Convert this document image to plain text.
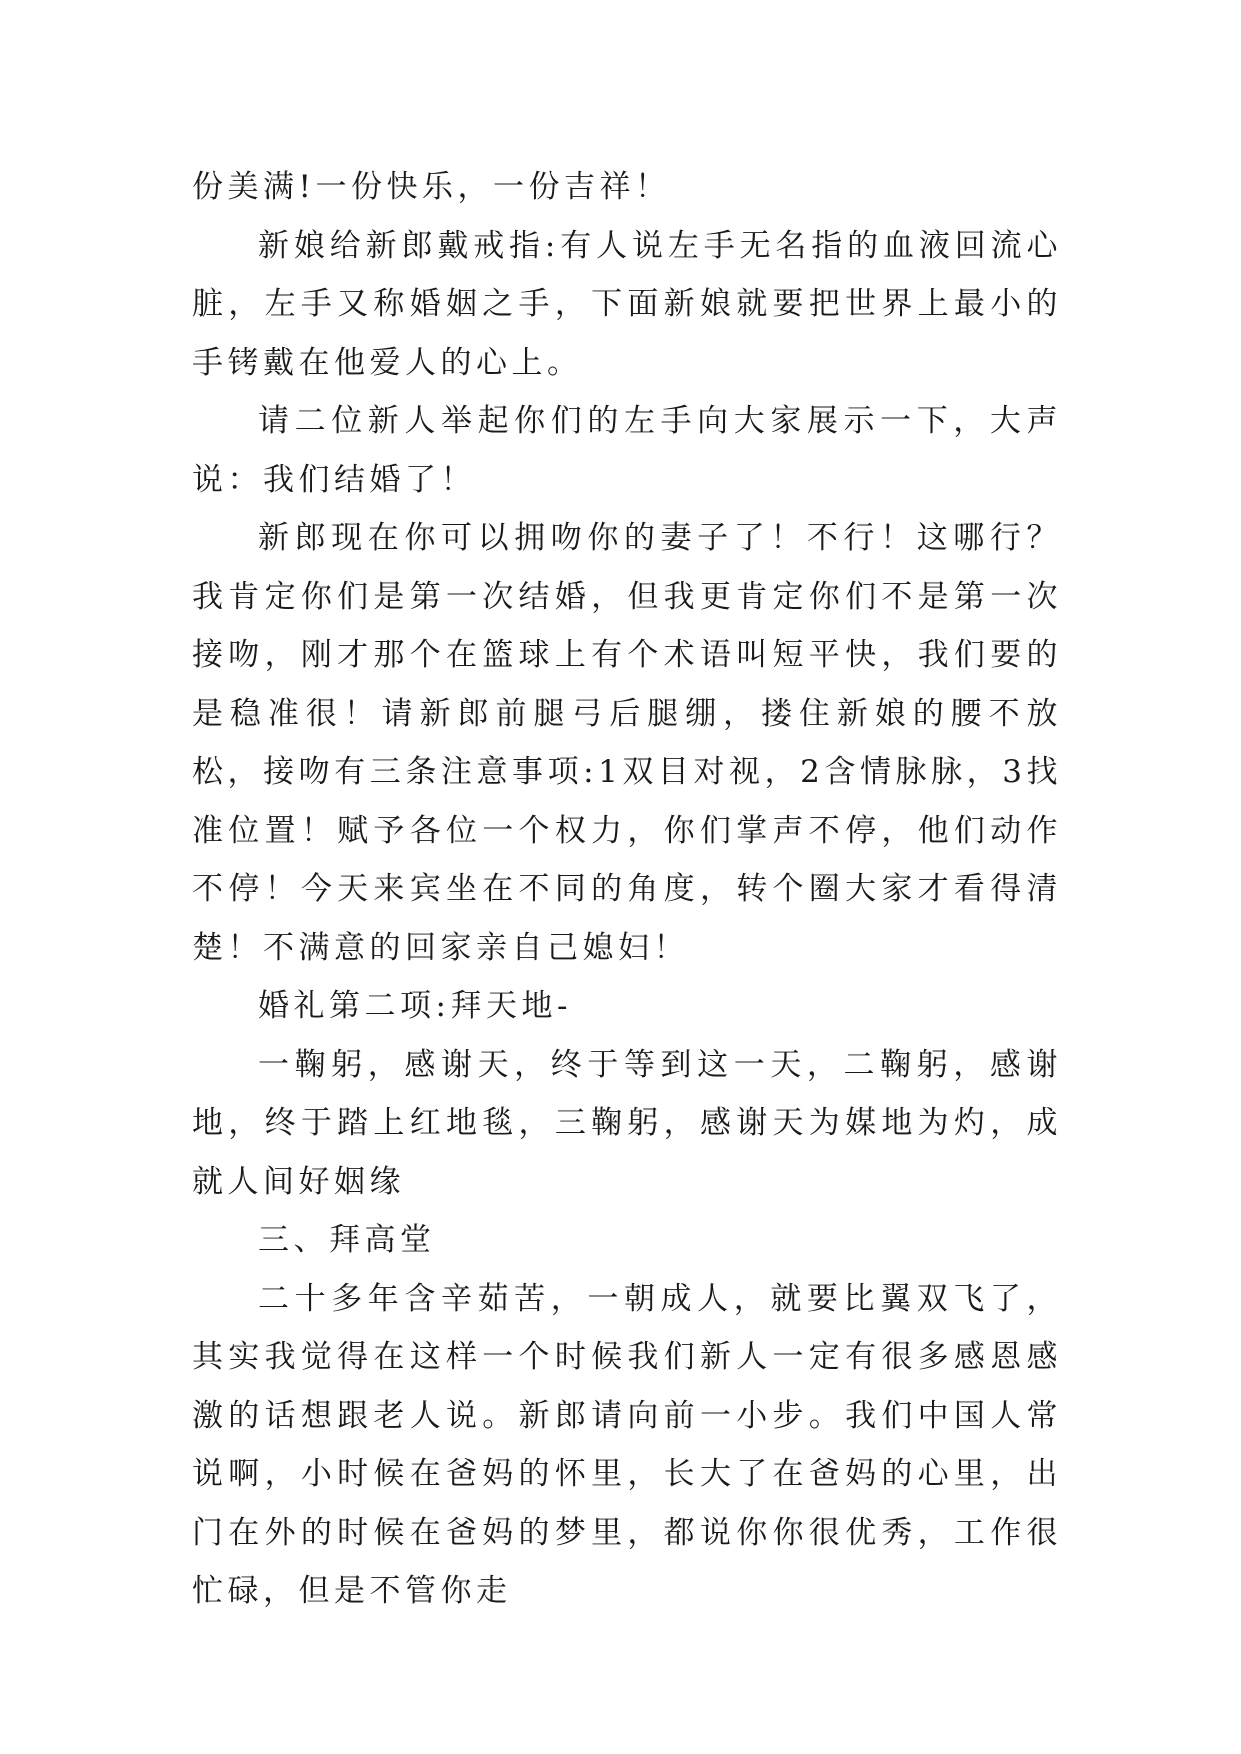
份美满!一份快乐，一份吉祥！

新娘给新郎戴戒指:有人说左手无名指的血液回流心脏，左手又称婚姻之手，下面新娘就要把世界上最小的手铐戴在他爱人的心上。

请二位新人举起你们的左手向大家展示一下，大声说：我们结婚了！

新郎现在你可以拥吻你的妻子了！不行！这哪行？我肯定你们是第一次结婚，但我更肯定你们不是第一次接吻，刚才那个在篮球上有个术语叫短平快，我们要的是稳准很！请新郎前腿弓后腿绷，搂住新娘的腰不放松，接吻有三条注意事项:1双目对视，2含情脉脉，3找准位置！赋予各位一个权力，你们掌声不停，他们动作不停！今天来宾坐在不同的角度，转个圈大家才看得清楚！不满意的回家亲自己媳妇！

婚礼第二项:拜天地-

一鞠躬，感谢天，终于等到这一天，二鞠躬，感谢地，终于踏上红地毯，三鞠躬，感谢天为媒地为灼，成就人间好姻缘

三、拜高堂

二十多年含辛茹苦，一朝成人，就要比翼双飞了，其实我觉得在这样一个时候我们新人一定有很多感恩感激的话想跟老人说。新郎请向前一小步。我们中国人常说啊，小时候在爸妈的怀里，长大了在爸妈的心里，出门在外的时候在爸妈的梦里，都说你你很优秀，工作很忙碌，但是不管你走
